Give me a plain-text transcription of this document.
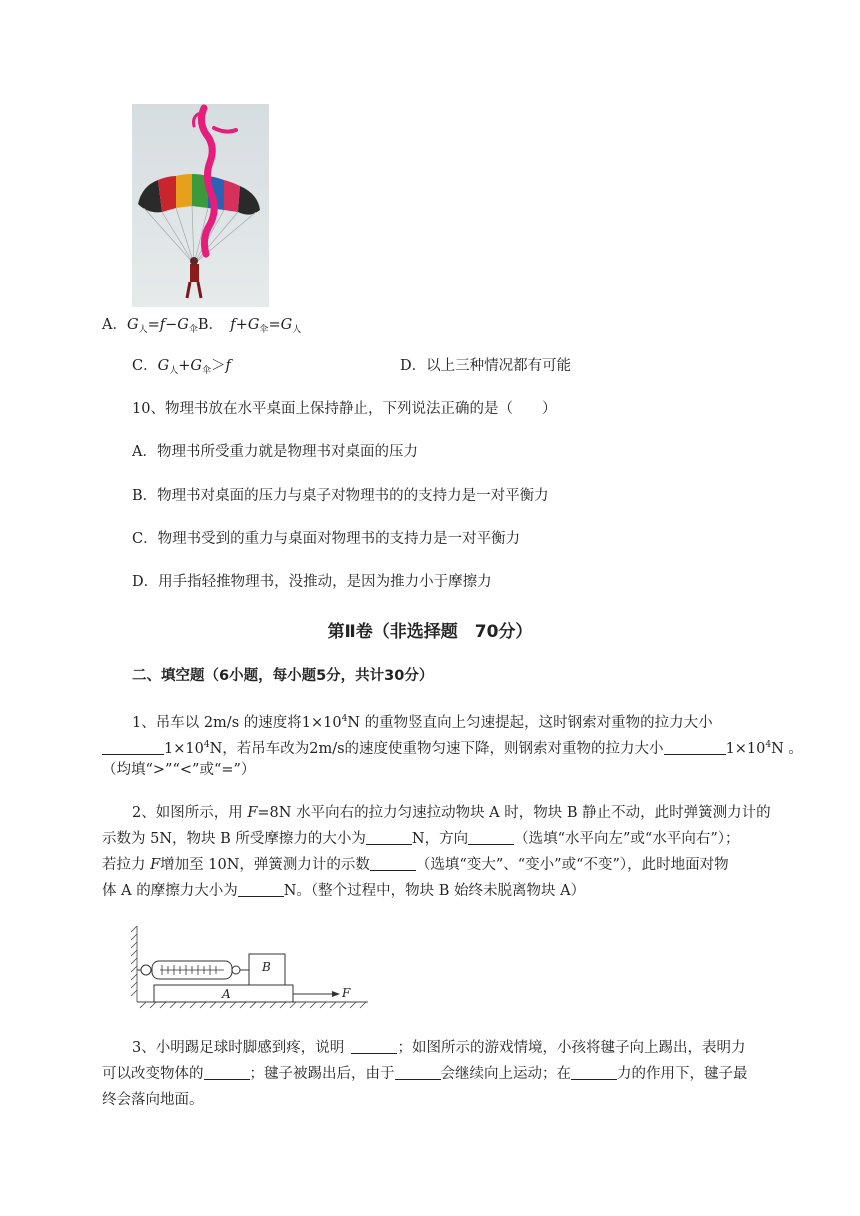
A．$G_人=f-G_伞B$．  $f+G_伞=G_人$
C．$G_人+G_伞>f$	D．以上三种情况都有可能
10、物理书放在水平桌面上保持静止，下列说法正确的是（　　）
A．物理书所受重力就是物理书对桌面的压力
B．物理书对桌面的压力与桌子对物理书的的支持力是一对平衡力
C．物理书受到的重力与桌面对物理书的支持力是一对平衡力
D．用手指轻推物理书，没推动，是因为推力小于摩擦力
第Ⅱ卷（非选择题　70分）
二、填空题（6小题，每小题5分，共计30分）
1、吊车以 2m/s 的速度将$1\times 10^4N$ 的重物竖直向上匀速提起，这时钢索对重物的拉力大小
$1\times 10^4N$，若吊车改为2m/s的速度使重物匀速下降，则钢索对重物的拉力大小	$1\times 10^4N$ 。
（均填“>”“<”或“=”）
2、如图所示，用 F=8N 水平向右的拉力匀速拉动物块 A 时，物块 B 静止不动，此时弹簧测力计的
示数为 5N，物块 B 所受摩擦力的大小为	N，方向	（选填“水平向左”或“水平向右”）；
若拉力 F增加至 10N，弹簧测力计的示数	（选填“变大”、“变小”或“不变”），此时地面对物
体 A 的摩擦力大小为	N。（整个过程中，物块 B 始终未脱离物块 A）
B
A	F
3、小明踢足球时脚感到疼，说明 	；如图所示的游戏情境，小孩将毽子向上踢出，表明力
可以改变物体的	；毽子被踢出后，由于	会继续向上运动；在	力的作用下，毽子最
终会落向地面。
